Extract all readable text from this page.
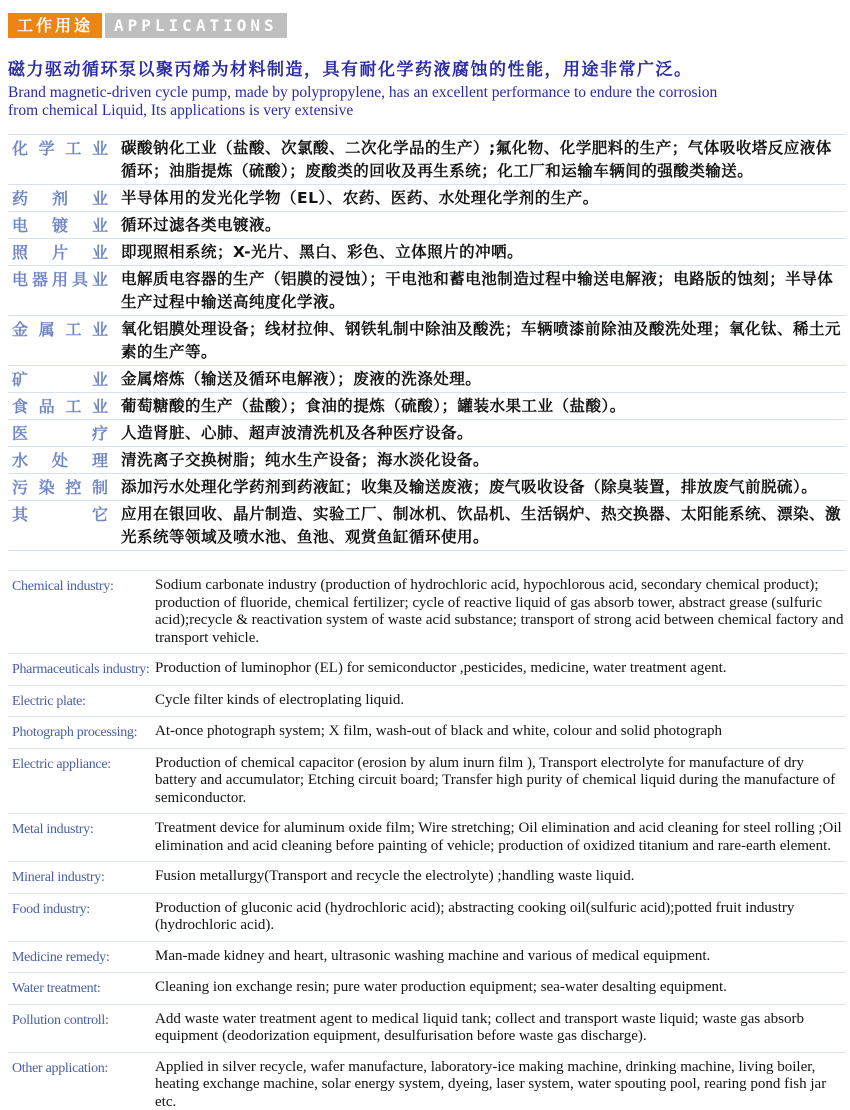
工作用途	APPLICATIONS
磁力驱动循环泵以聚丙烯为材料制造，具有耐化学药液腐蚀的性能，用途非常广泛。
Brand magnetic-driven cycle pump, made by polypropylene, has an excellent performance to endure the corrosion
from chemical Liquid, Its applications is very extensive
化学工业 碳酸钠化工业（盐酸、次氯酸、二次化学品的生产）;氟化物、化学肥料的生产；气体吸收塔反应液体循环；油脂提炼（硫酸）；废酸类的回收及再生系统；化工厂和运输车辆间的强酸类输送。
药剂业 半导体用的发光化学物（EL）、农药、医药、水处理化学剂的生产。
电镀业 循环过滤各类电镀液。
照片业 即现照相系统；X-光片、黑白、彩色、立体照片的冲哂。
电器用具业 电解质电容器的生产（铝膜的浸蚀）；干电池和蓄电池制造过程中输送电解液；电路版的蚀刻；半导体生产过程中输送高纯度化学液。
金属工业 氧化铝膜处理设备；线材拉伸、钢铁轧制中除油及酸洗；车辆喷漆前除油及酸洗处理；氧化钛、稀土元素的生产等。
矿业 金属熔炼（输送及循环电解液）；废液的洗涤处理。
食品工业 葡萄糖酸的生产（盐酸）；食油的提炼（硫酸）；罐装水果工业（盐酸）。
医疗 人造肾脏、心肺、超声波清洗机及各种医疗设备。
水处理 清洗离子交换树脂；纯水生产设备；海水淡化设备。
污染控制 添加污水处理化学药剂到药液缸；收集及输送废液；废气吸收设备（除臭装置，排放废气前脱硫）。
其它 应用在银回收、晶片制造、实验工厂、制冰机、饮品机、生活锅炉、热交换器、太阳能系统、漂染、激光系统等领域及喷水池、鱼池、观赏鱼缸循环使用。
Chemical industry:	Sodium carbonate industry (production of hydrochloric acid, hypochlorous acid, secondary chemical product); production of fluoride, chemical fertilizer; cycle of reactive liquid of gas absorb tower, abstract grease (sulfuric acid);recycle & reactivation system of waste acid substance; transport of strong acid between chemical factory and transport vehicle.
Pharmaceuticals industry: Production of luminophor (EL) for semiconductor ,pesticides, medicine, water treatment agent.
Electric plate:	Cycle filter kinds of electroplating liquid.
Photograph processing:	At-once photograph system; X film, wash-out of black and white, colour and solid photograph
Electric appliance:	Production of chemical capacitor (erosion by alum inurn film ), Transport electrolyte for manufacture of dry battery and accumulator; Etching circuit board; Transfer high purity of chemical liquid during the manufacture of semiconductor.
Metal industry:	Treatment device for aluminum oxide film; Wire stretching; Oil elimination and acid cleaning for steel rolling ;Oil elimination and acid cleaning before painting of vehicle; production of oxidized titanium and rare-earth element.
Mineral industry:	Fusion metallurgy(Transport and recycle the electrolyte) ;handling waste liquid.
Food industry:	Production of gluconic acid (hydrochloric acid); abstracting cooking oil(sulfuric acid);potted fruit industry (hydrochloric acid).
Medicine remedy:	Man-made kidney and heart, ultrasonic washing machine and various of medical equipment.
Water treatment:	Cleaning ion exchange resin; pure water production equipment; sea-water desalting equipment.
Pollution controll:	Add waste water treatment agent to medical liquid tank; collect and transport waste liquid; waste gas absorb equipment (deodorization equipment, desulfurisation before waste gas discharge).
Other application:	Applied in silver recycle, wafer manufacture, laboratory-ice making machine, drinking machine, living boiler, heating exchange machine, solar energy system, dyeing, laser system, water spouting pool, rearing pond fish jar etc.
